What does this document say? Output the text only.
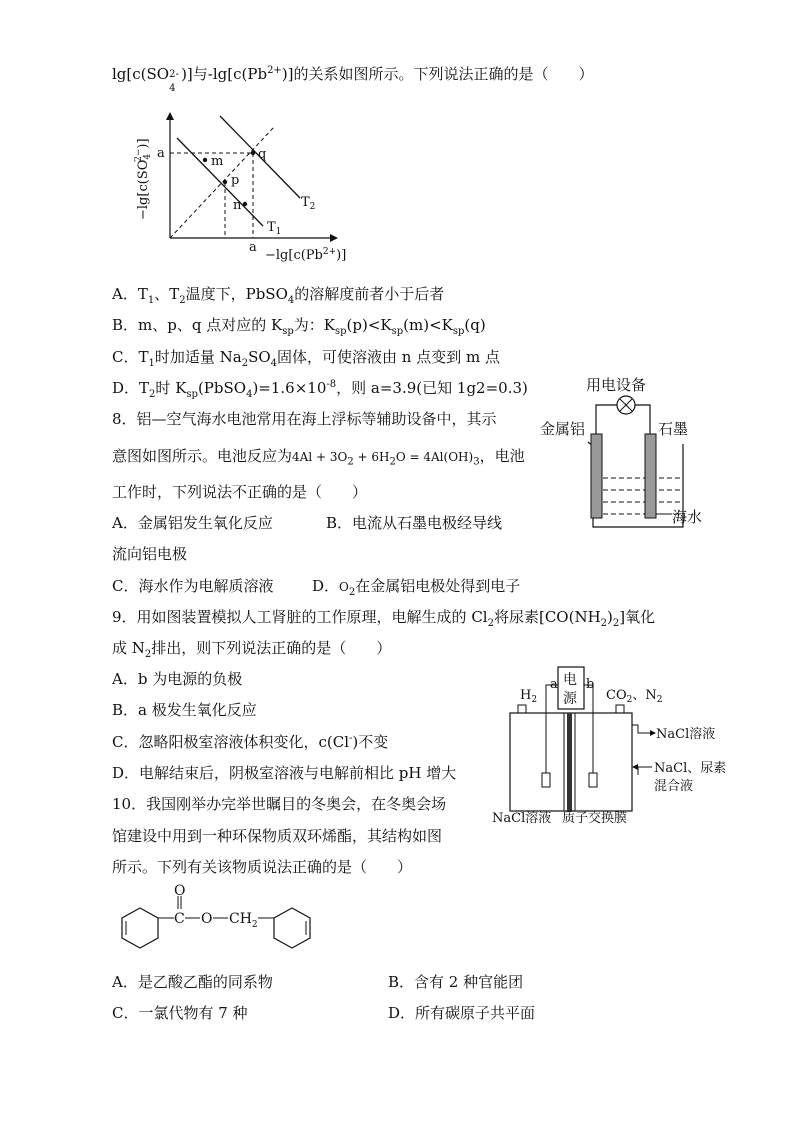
lg[c(SO 2-
4
)]与$-\lg[c(Pb^{2+})]$的关系如图所示。下列说法正确的是（　　）
m
p
q
n
a
a
$T_1$
$T_2$
$-\lg[c(Pb^{2+})]$
$-\lg[c(SO_42-)]$
A．$T_1$、$T_2$温度下，PbSO$_4$的溶解度前者小于后者
B．m、p、q 点对应的 $K_{sp}$为：$K_{sp}(p)<K_{sp}(m)<K_{sp}(q)$
C．$T_1$时加适量 $Na_2SO_4$固体，可使溶液由 n 点变到 m 点
D．$T_2$时 $K_{sp}(PbSO_4)=1.6\times 10^{-8}$，则 a=3.9(已知 1g2=0.3)
8．铝—空气海水电池常用在海上浮标等辅助设备中，其示
意图如图所示。电池反应为$4Al + 3O_2 + 6H_2O = 4Al(OH)_3$，电池
工作时，下列说法不正确的是（　　）
A．金属铝发生氧化反应	B．电流从石墨电极经导线
流向铝电极
C．海水作为电解质溶液	D．$O_2$在金属铝电极处得到电子
用电设备
金属铝	石墨
海水
9．用如图装置模拟人工肾脏的工作原理，电解生成的 $Cl_2$将尿素$[CO(NH_2)_2]$氧化
成 $N_2$排出，则下列说法正确的是（　　）
A．b 为电源的负极
B．a 极发生氧化反应
C．忽略阳极室溶液体积变化，c(Cl-)不变
D．电解结束后，阴极室溶液与电解前相比 pH 增大
电
源
a b
$H_2$	$CO_2$、$N_2$
NaCl溶液
NaCl、尿素
混合液
NaCl溶液 质子交换膜
10．我国刚举办完举世瞩目的冬奥会，在冬奥会场
馆建设中用到一种环保物质双环烯酯，其结构如图
所示。下列有关该物质说法正确的是（　　）
C
O
O $CH_2$
A．是乙酸乙酯的同系物	B．含有 2 种官能团
C．一氯代物有 7 种	D．所有碳原子共平面
